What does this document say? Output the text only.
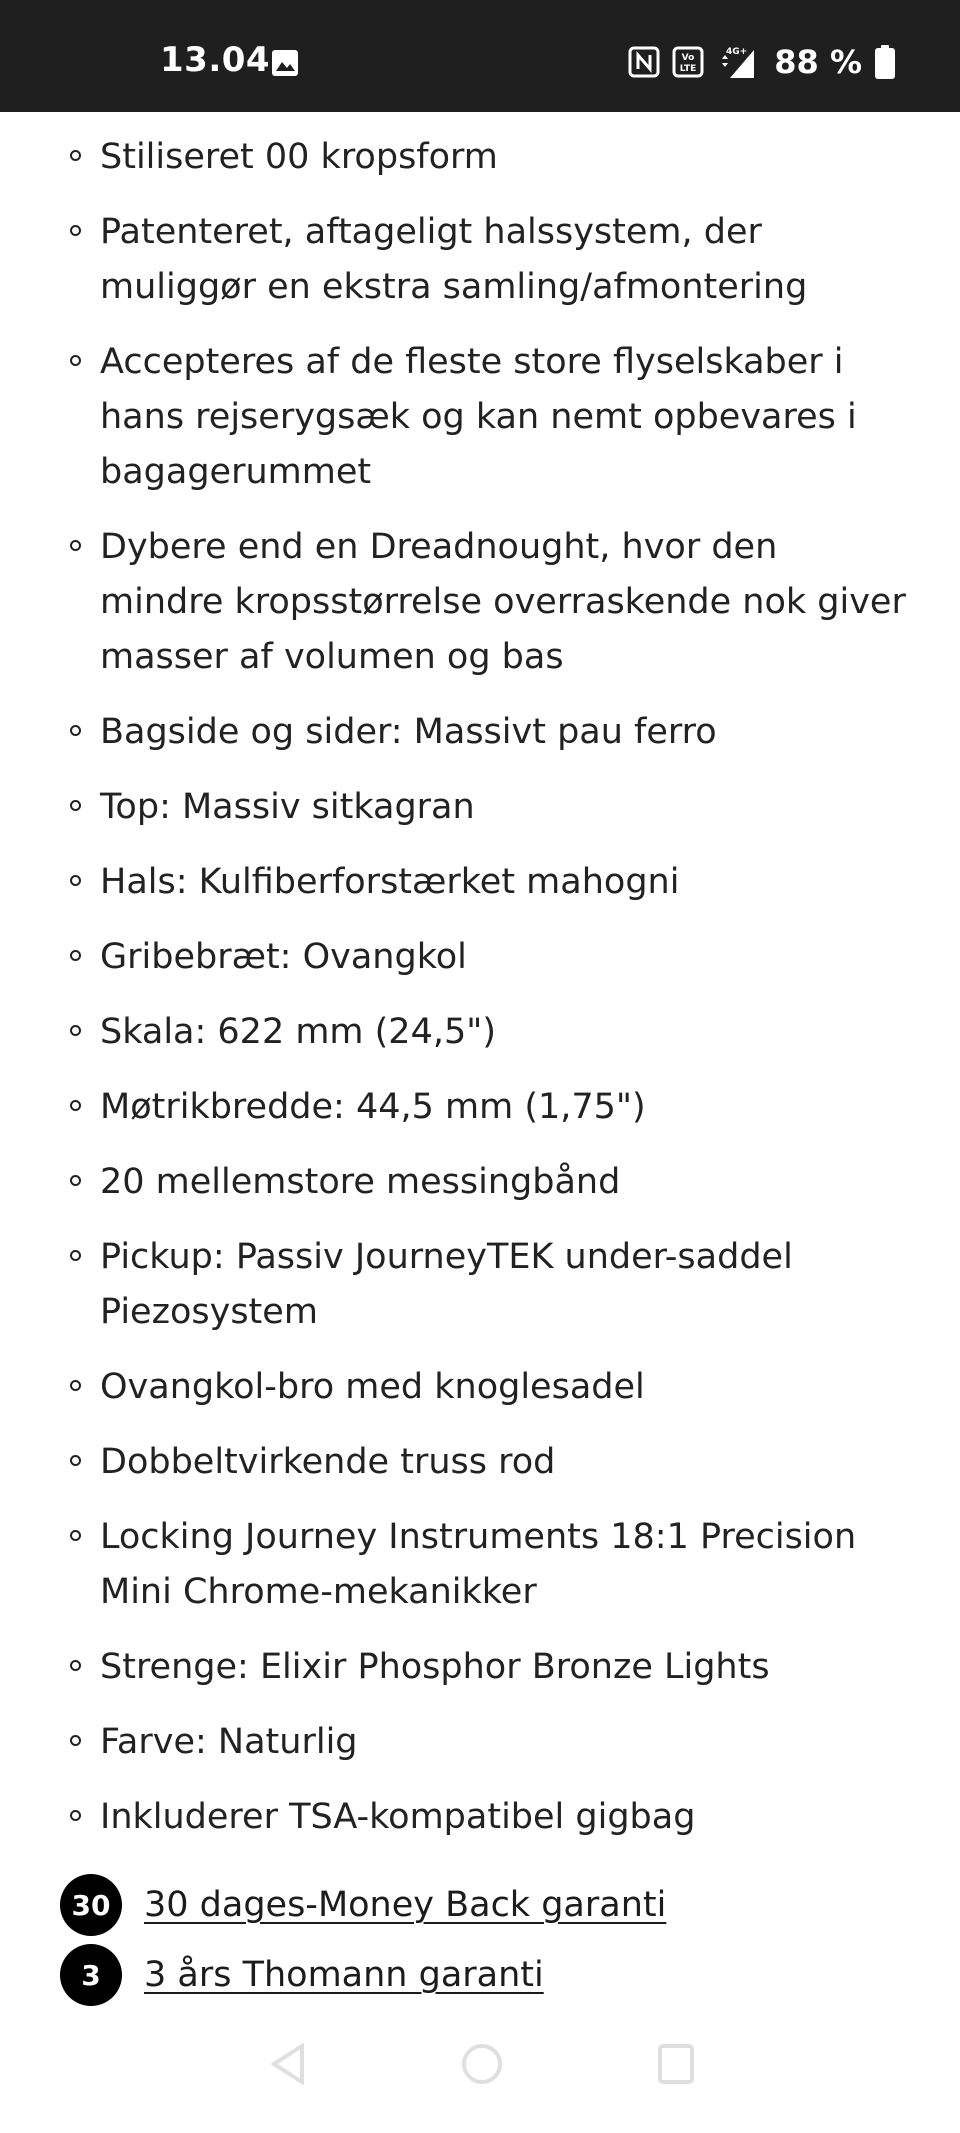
13.04	Vo
LTE
4G+ 88 %
Stiliseret 00 kropsform
Patenteret, aftageligt halssystem, der muliggør en ekstra samling/afmontering
Accepteres af de fleste store flyselskaber i hans rejserygsæk og kan nemt opbevares i bagagerummet
Dybere end en Dreadnought, hvor den mindre kropsstørrelse overraskende nok giver masser af volumen og bas
Bagside og sider: Massivt pau ferro
Top: Massiv sitkagran
Hals: Kulfiberforstærket mahogni
Gribebræt: Ovangkol
Skala: 622 mm (24,5")
Møtrikbredde: 44,5 mm (1,75")
20 mellemstore messingbånd
Pickup: Passiv JourneyTEK under-saddel Piezosystem
Ovangkol-bro med knoglesadel
Dobbeltvirkende truss rod
Locking Journey Instruments 18:1 Precision Mini Chrome-mekanikker
Strenge: Elixir Phosphor Bronze Lights
Farve: Naturlig
Inkluderer TSA-kompatibel gigbag
30 30 dages-Money Back garanti
3	3 års Thomann garanti
